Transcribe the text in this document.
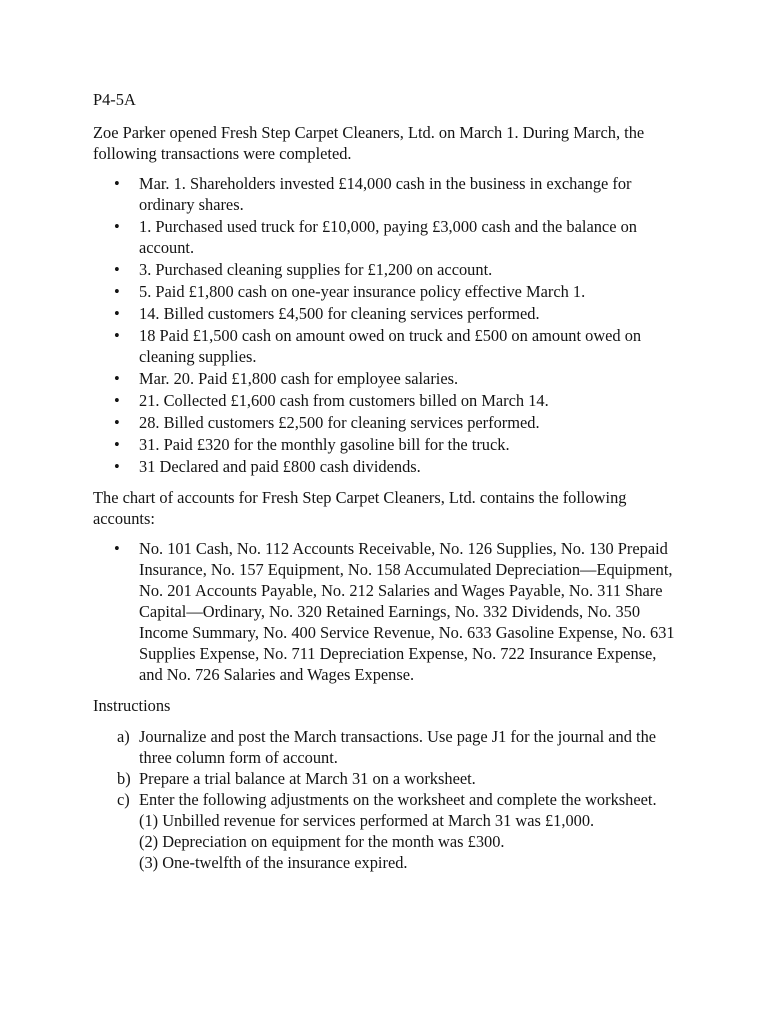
P4-5A

Zoe Parker opened Fresh Step Carpet Cleaners, Ltd. on March 1. During March, the following transactions were completed.

• Mar. 1. Shareholders invested £14,000 cash in the business in exchange for ordinary shares.
• 1. Purchased used truck for £10,000, paying £3,000 cash and the balance on account.
• 3. Purchased cleaning supplies for £1,200 on account.
• 5. Paid £1,800 cash on one-year insurance policy effective March 1.
• 14. Billed customers £4,500 for cleaning services performed.
• 18 Paid £1,500 cash on amount owed on truck and £500 on amount owed on cleaning supplies.
• Mar. 20. Paid £1,800 cash for employee salaries.
• 21. Collected £1,600 cash from customers billed on March 14.
• 28. Billed customers £2,500 for cleaning services performed.
• 31. Paid £320 for the monthly gasoline bill for the truck.
• 31 Declared and paid £800 cash dividends.

The chart of accounts for Fresh Step Carpet Cleaners, Ltd. contains the following accounts:

• No. 101 Cash, No. 112 Accounts Receivable, No. 126 Supplies, No. 130 Prepaid Insurance, No. 157 Equipment, No. 158 Accumulated Depreciation—Equipment, No. 201 Accounts Payable, No. 212 Salaries and Wages Payable, No. 311 Share Capital—Ordinary, No. 320 Retained Earnings, No. 332 Dividends, No. 350 Income Summary, No. 400 Service Revenue, No. 633 Gasoline Expense, No. 631 Supplies Expense, No. 711 Depreciation Expense, No. 722 Insurance Expense, and No. 726 Salaries and Wages Expense.

Instructions

a) Journalize and post the March transactions. Use page J1 for the journal and the three column form of account.
b) Prepare a trial balance at March 31 on a worksheet.
c) Enter the following adjustments on the worksheet and complete the worksheet.
(1) Unbilled revenue for services performed at March 31 was £1,000.
(2) Depreciation on equipment for the month was £300.
(3) One-twelfth of the insurance expired.
